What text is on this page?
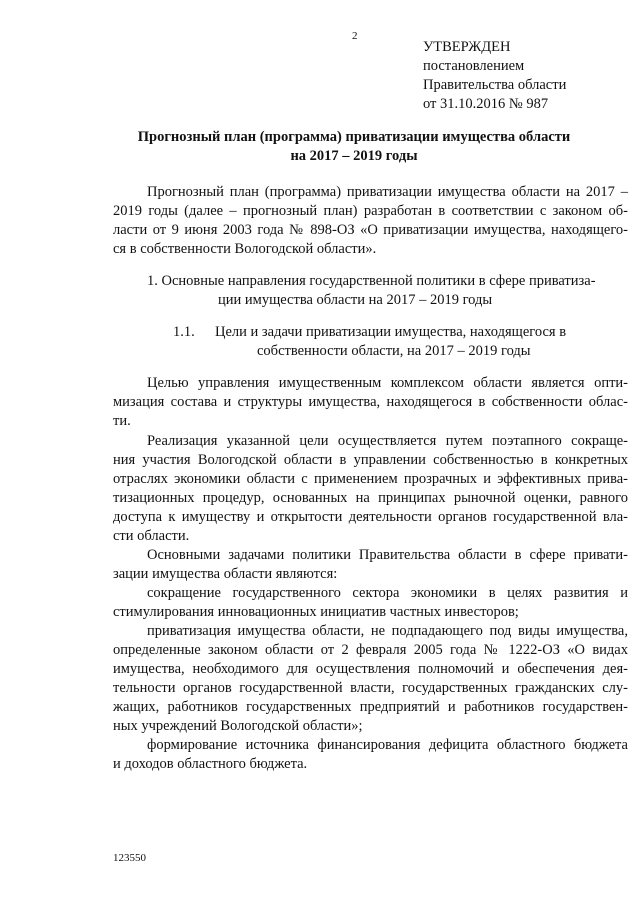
2
УТВЕРЖДЕН
постановлением
Правительства области
от 31.10.2016 № 987
Прогнозный план (программа) приватизации имущества области
на 2017 – 2019 годы
Прогнозный план (программа) приватизации имущества области на 2017 –
2019 годы (далее – прогнозный план) разработан в соответствии с законом об-
ласти от 9 июня 2003 года № 898-ОЗ «О приватизации имущества, находящего-
ся в собственности Вологодской области».
1. Основные направления государственной политики в сфере приватиза-
ции имущества области на 2017 – 2019 годы
1.1. Цели и задачи приватизации имущества, находящегося в
собственности области, на 2017 – 2019 годы
Целью управления имущественным комплексом области является опти-
мизация состава и структуры имущества, находящегося в собственности облас-
ти.
Реализация указанной цели осуществляется путем поэтапного сокраще-
ния участия Вологодской области в управлении собственностью в конкретных
отраслях экономики области с применением прозрачных и эффективных прива-
тизационных процедур, основанных на принципах рыночной оценки, равного
доступа к имуществу и открытости деятельности органов государственной вла-
сти области.
Основными задачами политики Правительства области в сфере привати-
зации имущества области являются:
сокращение государственного сектора экономики в целях развития и
стимулирования инновационных инициатив частных инвесторов;
приватизация имущества области, не подпадающего под виды имущества,
определенные законом области от 2 февраля 2005 года № 1222-ОЗ «О видах
имущества, необходимого для осуществления полномочий и обеспечения дея-
тельности органов государственной власти, государственных гражданских слу-
жащих, работников государственных предприятий и работников государствен-
ных учреждений Вологодской области»;
формирование источника финансирования дефицита областного бюджета
и доходов областного бюджета.
123550
